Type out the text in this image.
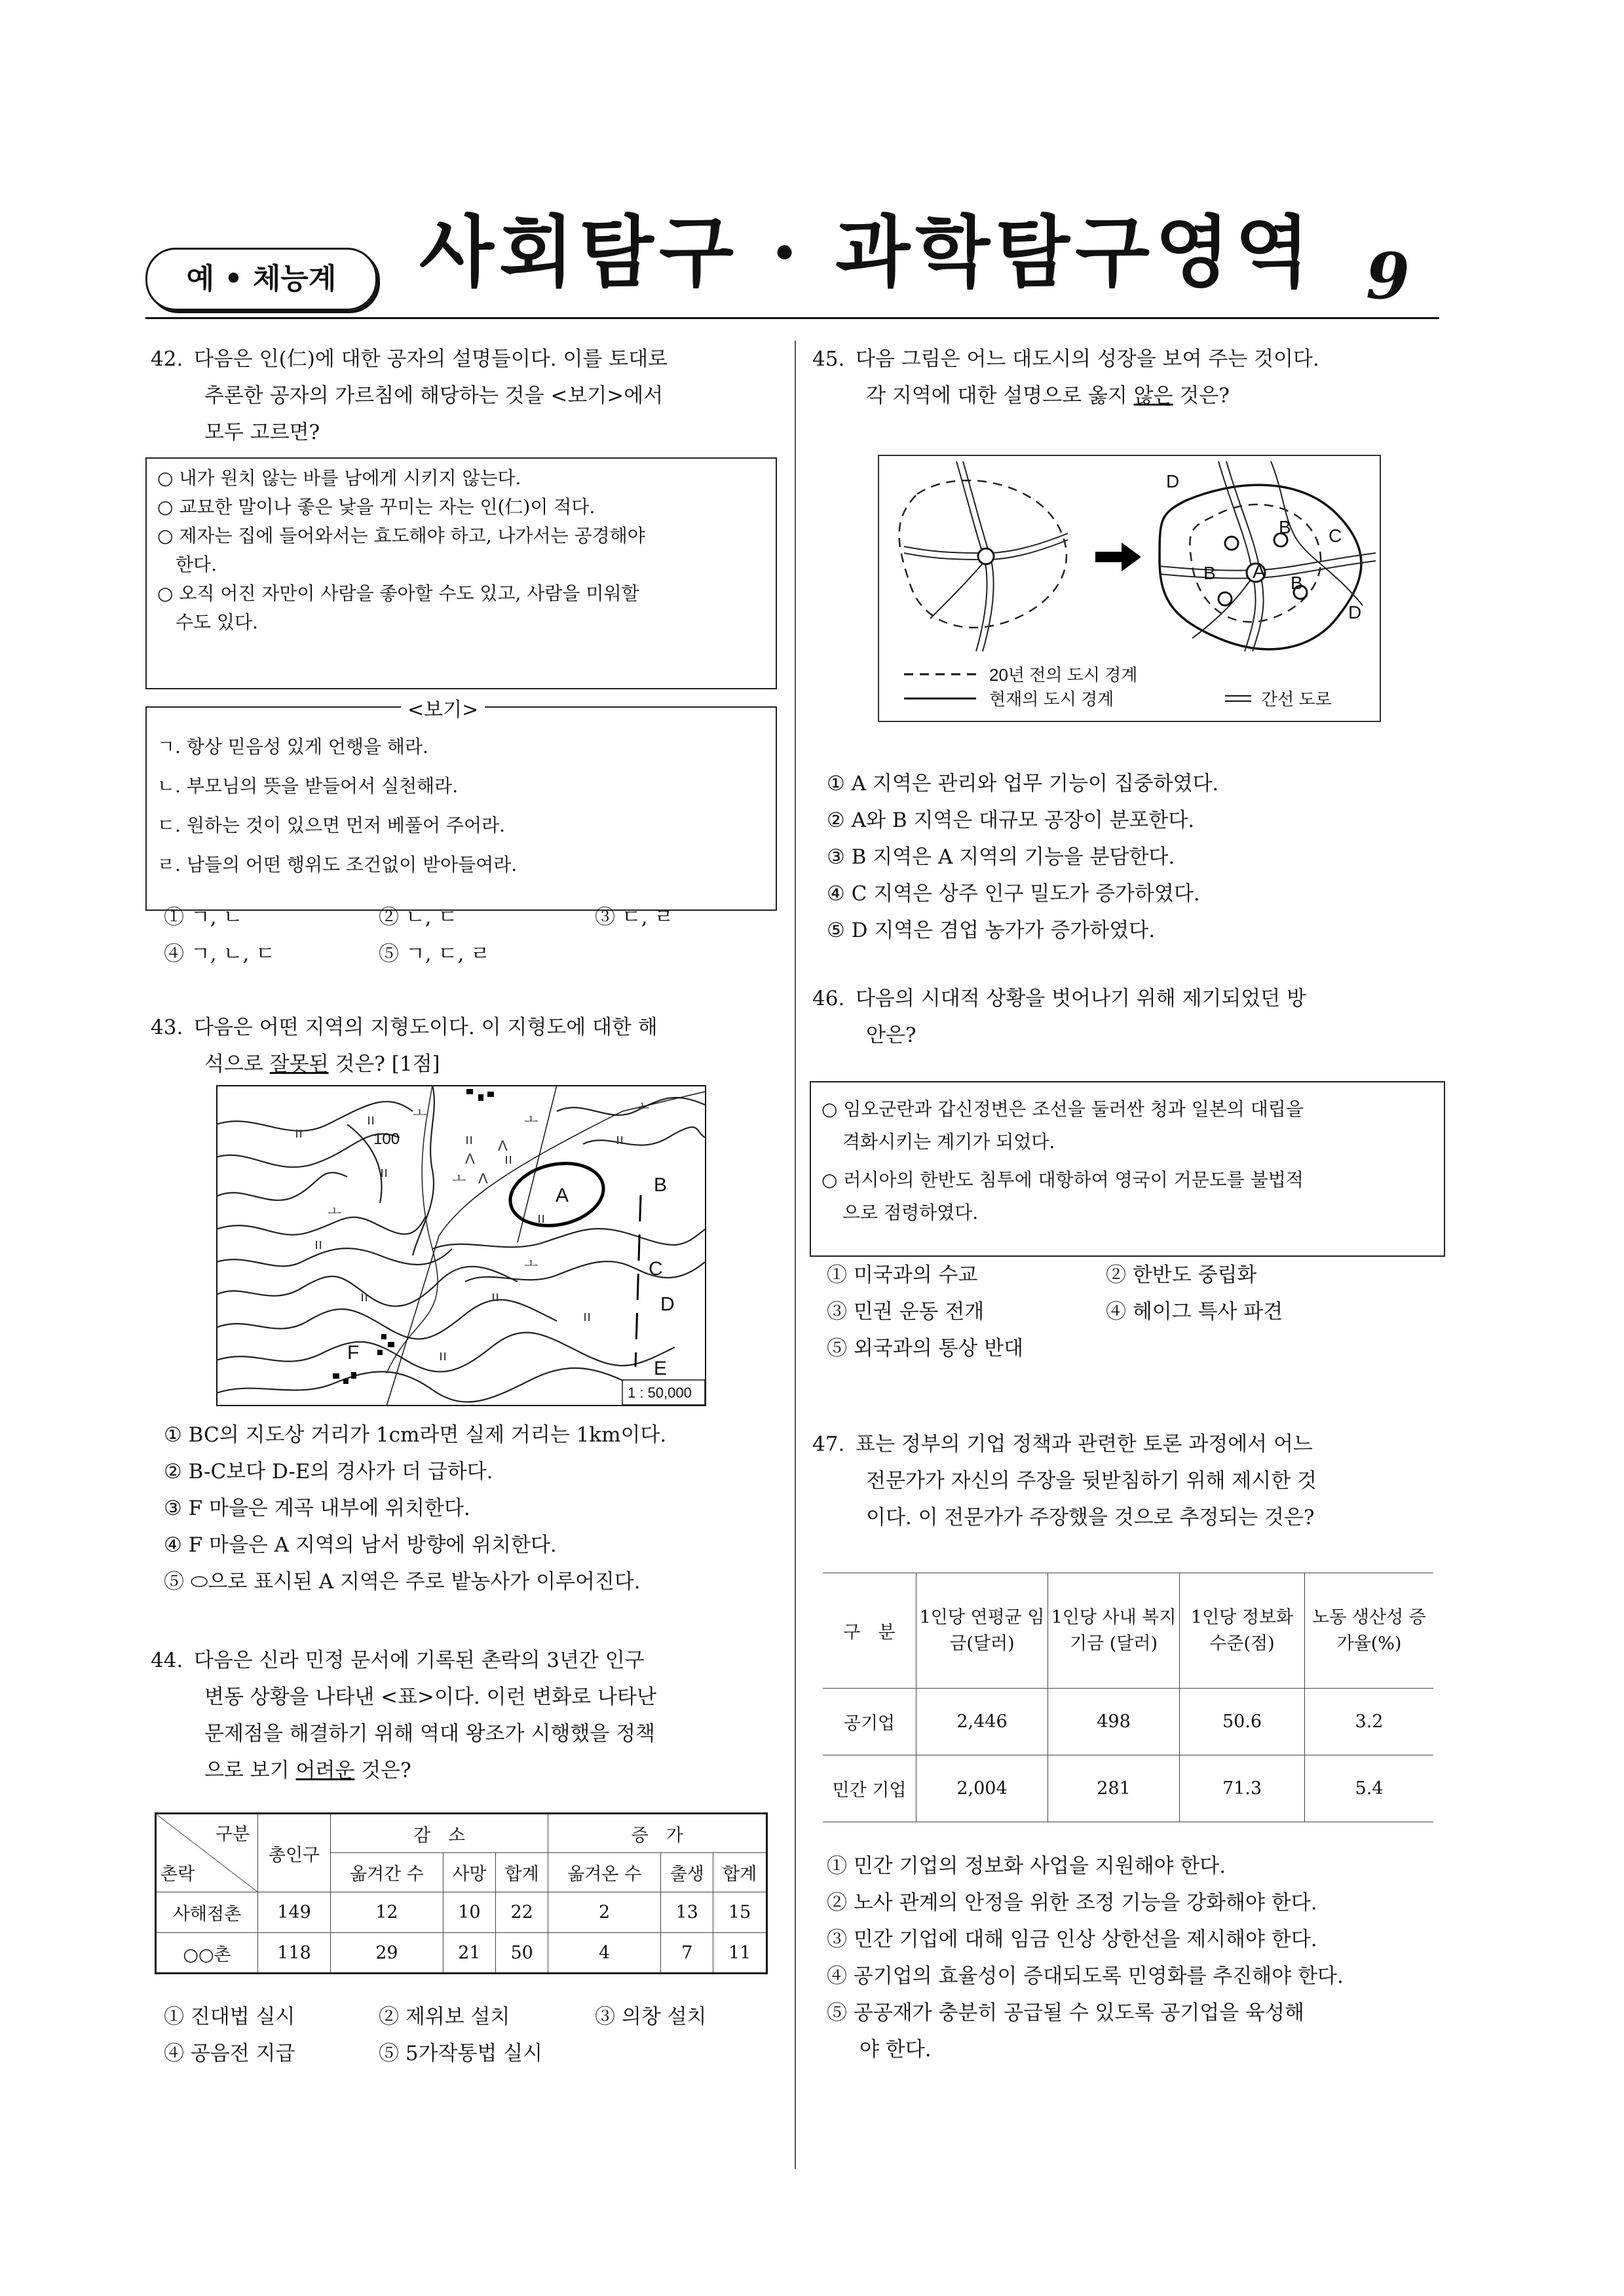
예 • 체능계	사회탐구 · 과학탐구영역 9
42. 다음은 인(仁)에 대한 공자의 설명들이다. 이를 토대로
추론한 공자의 가르침에 해당하는 것을 <보기>에서
모두 고르면?
○ 내가 원치 않는 바를 남에게 시키지 않는다.
○ 교묘한 말이나 좋은 낯을 꾸미는 자는 인(仁)이 적다.
○ 제자는 집에 들어와서는 효도해야 하고, 나가서는 공경해야
한다.
○ 오직 어진 자만이 사람을 좋아할 수도 있고, 사람을 미워할
수도 있다.
ㄱ. 항상 믿음성 있게 언행을 해라.
ㄴ. 부모님의 뜻을 받들어서 실천해라.
ㄷ. 원하는 것이 있으면 먼저 베풀어 주어라.
ㄹ. 남들의 어떤 행위도 조건없이 받아들여라.
<보기>
① ㄱ, ㄴ	② ㄴ, ㄷ	③ ㄷ, ㄹ
④ ㄱ, ㄴ, ㄷ	⑤ ㄱ, ㄷ, ㄹ
43. 다음은 어떤 지역의 지형도이다. 이 지형도에 대한 해
석으로 잘못된 것은? [1점]
ıı
ıı
ıı
ıı
ıı
ıı
ıı
ıı
ıı	ıı
ıı
ıı
ㅗ
ㅗ
ㅗ
ㅗ
ㅗ
ㅗ
Λ
Λ
Λ
100
A	B
C
D
E
F
1 : 50,000
① BC의 지도상 거리가 1cm라면 실제 거리는 1km이다.
② B-C보다 D-E의 경사가 더 급하다.
③ F 마을은 계곡 내부에 위치한다.
④ F 마을은 A 지역의 남서 방향에 위치한다.
⑤ ⬭으로 표시된 A 지역은 주로 밭농사가 이루어진다.
44. 다음은 신라 민정 문서에 기록된 촌락의 3년간 인구
변동 상황을 나타낸 <표>이다. 이런 변화로 나타난
문제점을 해결하기 위해 역대 왕조가 시행했을 정책
으로 보기 어려운 것은?
구분
촌락	총인구	감　소			증　가		
		옮겨간 수	사망	합계	옮겨온 수	출생	합계
사해점촌	149	12	10	22	2	13	15
○○촌	118	29	21	50	4	7	11
① 진대법 실시	② 제위보 설치	③ 의창 설치
④ 공음전 지급	⑤ 5가작통법 실시
45. 다음 그림은 어느 대도시의 성장을 보여 주는 것이다.
각 지역에 대한 설명으로 옳지 않은 것은?
A
B
B	B
C
D
D
20년 전의 도시 경계
현재의 도시 경계	간선 도로
① A 지역은 관리와 업무 기능이 집중하였다.
② A와 B 지역은 대규모 공장이 분포한다.
③ B 지역은 A 지역의 기능을 분담한다.
④ C 지역은 상주 인구 밀도가 증가하였다.
⑤ D 지역은 겸업 농가가 증가하였다.
46. 다음의 시대적 상황을 벗어나기 위해 제기되었던 방
안은?
○ 임오군란과 갑신정변은 조선을 둘러싼 청과 일본의 대립을
격화시키는 계기가 되었다.
○ 러시아의 한반도 침투에 대항하여 영국이 거문도를 불법적
으로 점령하였다.
① 미국과의 수교	② 한반도 중립화
③ 민권 운동 전개	④ 헤이그 특사 파견
⑤ 외국과의 통상 반대
47. 표는 정부의 기업 정책과 관련한 토론 과정에서 어느
전문가가 자신의 주장을 뒷받침하기 위해 제시한 것
이다. 이 전문가가 주장했을 것으로 추정되는 것은?
구　분	1인당 연평균 임금(달러)	1인당 사내 복지 기금 (달러)	1인당 정보화 수준(점)	노동 생산성 증가율(%)
공기업	2,446	498	50.6	3.2
민간 기업	2,004	281	71.3	5.4
① 민간 기업의 정보화 사업을 지원해야 한다.
② 노사 관계의 안정을 위한 조정 기능을 강화해야 한다.
③ 민간 기업에 대해 임금 인상 상한선을 제시해야 한다.
④ 공기업의 효율성이 증대되도록 민영화를 추진해야 한다.
⑤ 공공재가 충분히 공급될 수 있도록 공기업을 육성해
야 한다.
